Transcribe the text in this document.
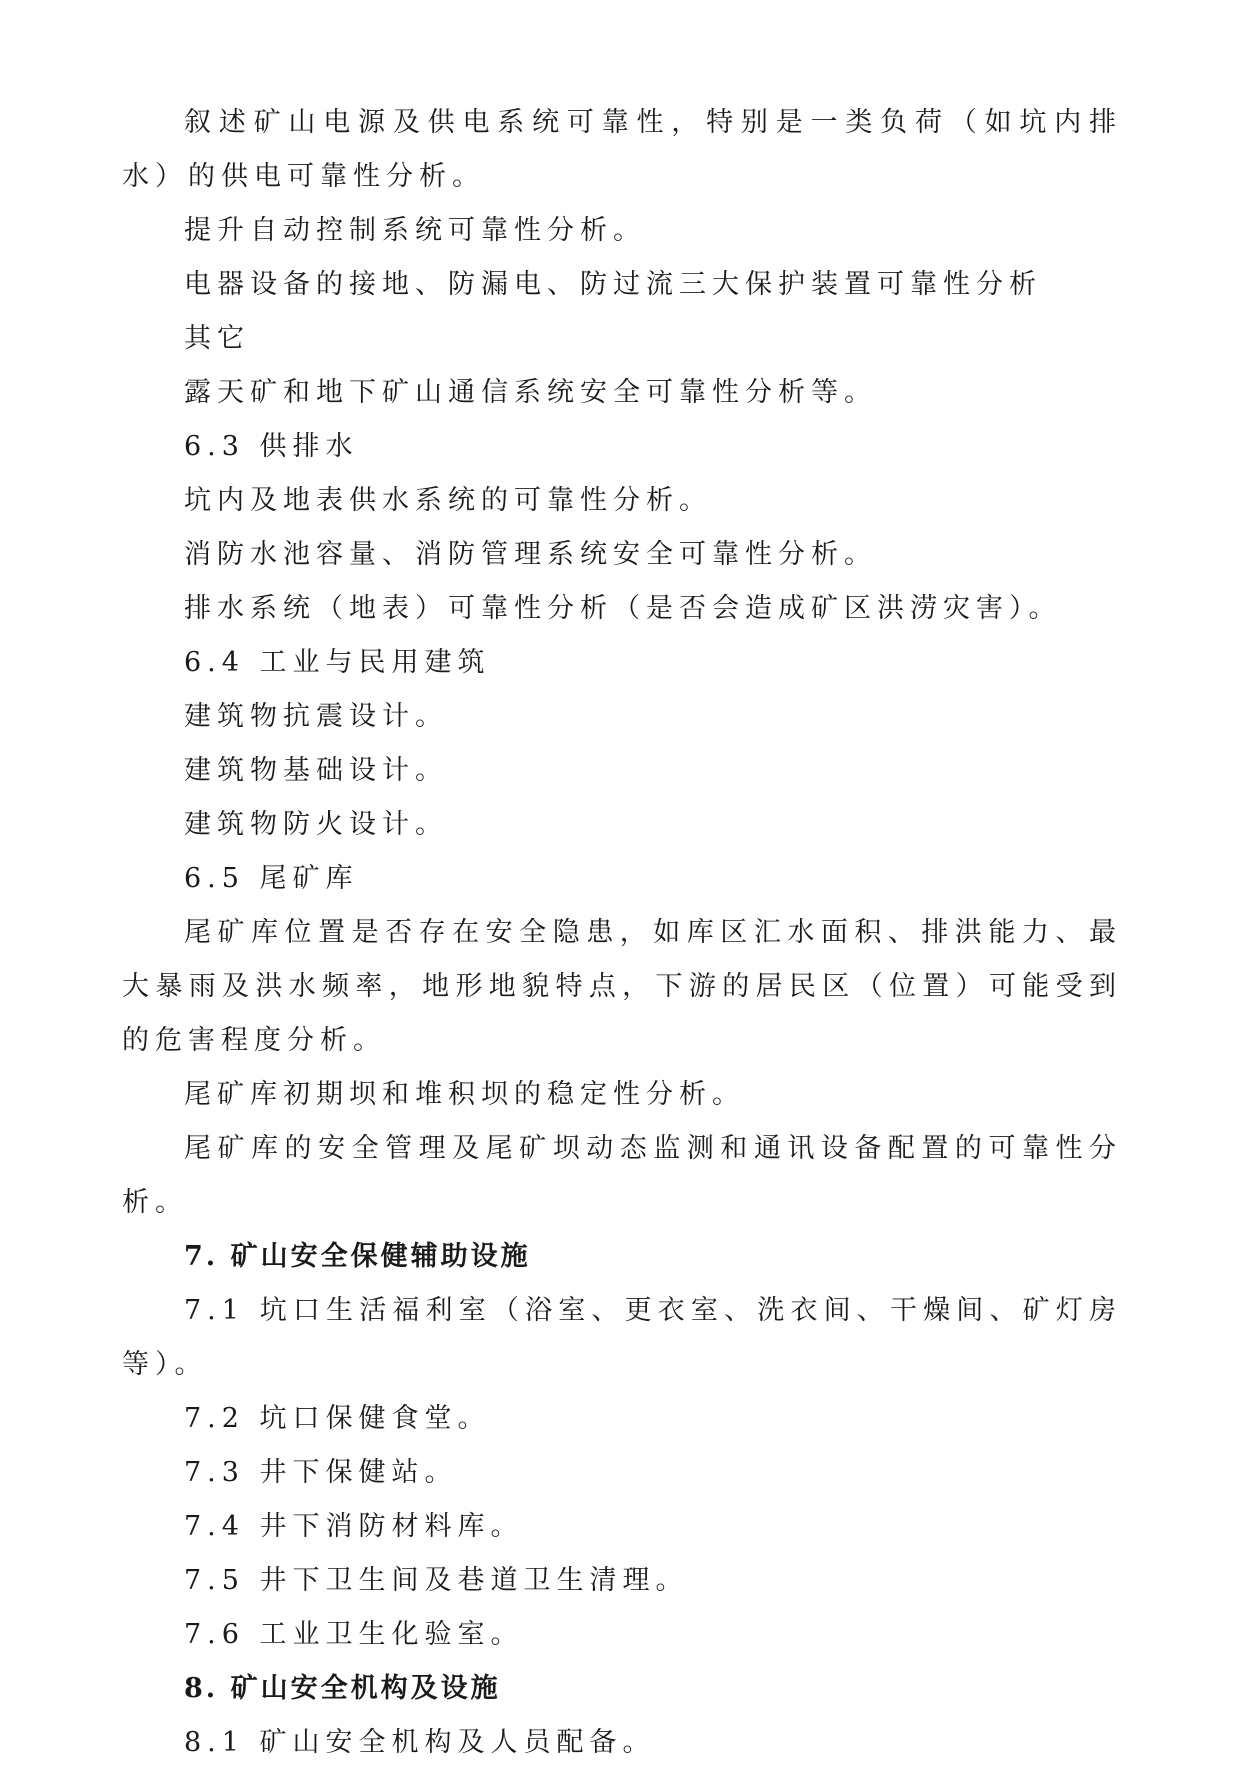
叙述矿山电源及供电系统可靠性，特别是一类负荷（如坑内排水）的供电可靠性分析。

提升自动控制系统可靠性分析。

电器设备的接地、防漏电、防过流三大保护装置可靠性分析

其它

露天矿和地下矿山通信系统安全可靠性分析等。

6.3 供排水

坑内及地表供水系统的可靠性分析。

消防水池容量、消防管理系统安全可靠性分析。

排水系统（地表）可靠性分析（是否会造成矿区洪涝灾害）。

6.4 工业与民用建筑

建筑物抗震设计。

建筑物基础设计。

建筑物防火设计。

6.5 尾矿库

尾矿库位置是否存在安全隐患，如库区汇水面积、排洪能力、最大暴雨及洪水频率，地形地貌特点，下游的居民区（位置）可能受到的危害程度分析。

尾矿库初期坝和堆积坝的稳定性分析。

尾矿库的安全管理及尾矿坝动态监测和通讯设备配置的可靠性分析。

7. 矿山安全保健辅助设施

7.1 坑口生活福利室（浴室、更衣室、洗衣间、干燥间、矿灯房等）。

7.2 坑口保健食堂。

7.3 井下保健站。

7.4 井下消防材料库。

7.5 井下卫生间及巷道卫生清理。

7.6 工业卫生化验室。

8. 矿山安全机构及设施

8.1 矿山安全机构及人员配备。
